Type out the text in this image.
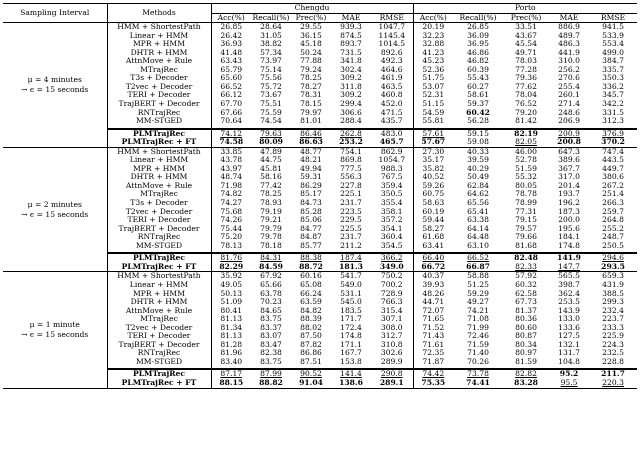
Sampling Interval	Methods	Chengdu					Porto				
		Acc(%)	Recall(%)	Prec(%)	MAE	RMSE	Acc(%)	Recall(%)	Prec(%)	MAE	RMSE

μ = 4 minutes
→ ϵ = 15 seconds	HMM + ShortestPath	26.85	28.64	29.55	939.3	1047.7	20.19	26.85	33.51	886.9	941.5
	Linear + HMM	26.42	31.05	36.15	874.5	1145.4	32.23	36.09	43.67	489.7	533.9
	MPR + HMM	36.93	38.82	45.18	893.7	1014.5	32.88	36.95	45.54	486.3	553.4
	DHTR + HMM	41.48	57.34	50.24	731.5	892.6	41.23	46.86	49.71	441.9	499.0
	AttnMove + Rule	63.43	73.97	77.88	341.8	492.3	45.23	46.82	78.03	310.0	384.7
	MTrajRec	65.79	75.14	79.24	302.4	464.6	52.36	60.39	77.28	256.2	335.7
	T3s + Decoder	65.60	75.56	78.25	309.2	461.9	51.75	55.43	79.36	270.6	350.3
	T2vec + Decoder	66.52	75.72	78.27	311.8	463.5	53.07	60.27	77.62	255.4	336.2
	TERI + Decoder	66.12	73.67	78.31	309.2	460.8	52.31	58.61	78.04	260.1	345.7
	TrajBERT + Decoder	67.70	75.51	78.15	299.4	452.0	51.15	59.37	76.52	271.4	342.2
	RNTrajRec	67.66	75.59	79.97	306.6	471.5	54.59	60.42	79.20	248.6	331.5
	MM-STGED	70.64	74.54	81.01	288.4	435.7	55.81	56.28	81.42	206.9	312.3

	PLMTrajRec	74.12	79.63	86.46	262.8	483.0	57.61	59.15	82.19	200.9	376.9
	PLMTrajRec + FT	74.58	80.09	86.63	253.2	465.7	57.67	59.08	82.05	200.8	370.2

μ = 2 minutes
→ ϵ = 15 seconds	HMM + ShortestPath	33.85	47.89	48.77	754.1	862.9	27.30	40.33	46.00	647.3	747.4
	Linear + HMM	43.78	44.75	48.21	869.8	1054.7	35.17	39.59	52.78	389.6	443.5
	MPR + HMM	43.97	45.81	49.94	777.5	988.3	35.82	40.29	51.59	367.7	449.7
	DHTR + HMM	48.74	58.16	59.31	556.3	767.5	40.52	50.49	55.32	317.0	380.6
	AttnMove + Rule	71.98	77.42	86.29	227.8	359.4	59.26	62.84	80.05	201.4	267.2
	MTrajRec	74.82	78.25	85.17	225.1	350.5	60.75	64.62	78.78	193.7	251.4
	T3s + Decoder	74.27	78.93	84.73	231.7	355.4	58.63	65.56	78.99	196.2	266.3
	T2vec + Decoder	75.68	79.19	85.28	223.5	358.1	60.19	65.41	77.31	187.3	259.7
	TERI + Decoder	74.26	79.21	85.06	229.5	357.2	59.44	63.38	79.15	200.0	264.8
	TrajBERT + Decoder	75.44	79.79	84.77	225.5	354.1	58.27	64.14	79.57	195.6	255.2
	RNTrajRec	75.20	79.78	84.87	231.7	360.4	61.68	64.48	79.66	184.1	248.7
	MM-STGED	78.13	78.18	85.77	211.2	354.5	63.41	63.10	81.68	174.8	250.5

	PLMTrajRec	81.76	84.31	88.38	187.4	366.2	66.40	66.52	82.48	141.9	294.6
	PLMTrajRec + FT	82.29	84.59	88.72	181.3	349.0	66.72	66.87	82.33	147.7	293.5

μ = 1 minute
→ ϵ = 15 seconds	HMM + ShortestPath	35.92	67.92	60.16	541.7	750.2	40.37	58.88	57.92	565.5	659.3
	Linear + HMM	49.05	65.66	65.08	549.0	700.2	39.93	51.25	60.32	398.7	431.9
	MPR + HMM	50.13	63.78	66.24	531.1	728.9	48.26	59.29	62.58	362.4	388.5
	DHTR + HMM	51.09	70.23	63.59	545.0	766.3	44.71	49.27	67.73	253.5	299.3
	AttnMove + Rule	80.41	84.65	84.82	183.5	315.4	72.07	74.21	81.37	143.9	232.4
	MTrajRec	81.13	83.75	88.39	171.7	307.1	71.65	71.08	80.36	133.0	223.7
	T2vec + Decoder	81.34	83.37	88.02	172.4	308.0	71.52	71.99	80.60	133.6	233.3
	TERI + Decoder	81.13	83.07	87.50	174.8	312.7	71.43	72.46	80.87	127.5	225.9
	TrajBERT + Decoder	81.28	83.47	87.82	171.1	310.8	71.61	71.59	80.34	132.1	224.3
	RNTrajRec	81.96	82.38	86.86	167.7	302.6	72.35	71.40	80.97	131.7	232.5
	MM-STGED	83.40	83.75	87.51	153.8	289.9	71.87	70.26	81.59	104.8	228.8

	PLMTrajRec	87.17	87.99	90.52	141.4	290.8	74.42	73.78	82.82	95.2	211.7
	PLMTrajRec + FT	88.15	88.82	91.04	138.6	289.1	75.35	74.41	83.28	95.5	220.3
